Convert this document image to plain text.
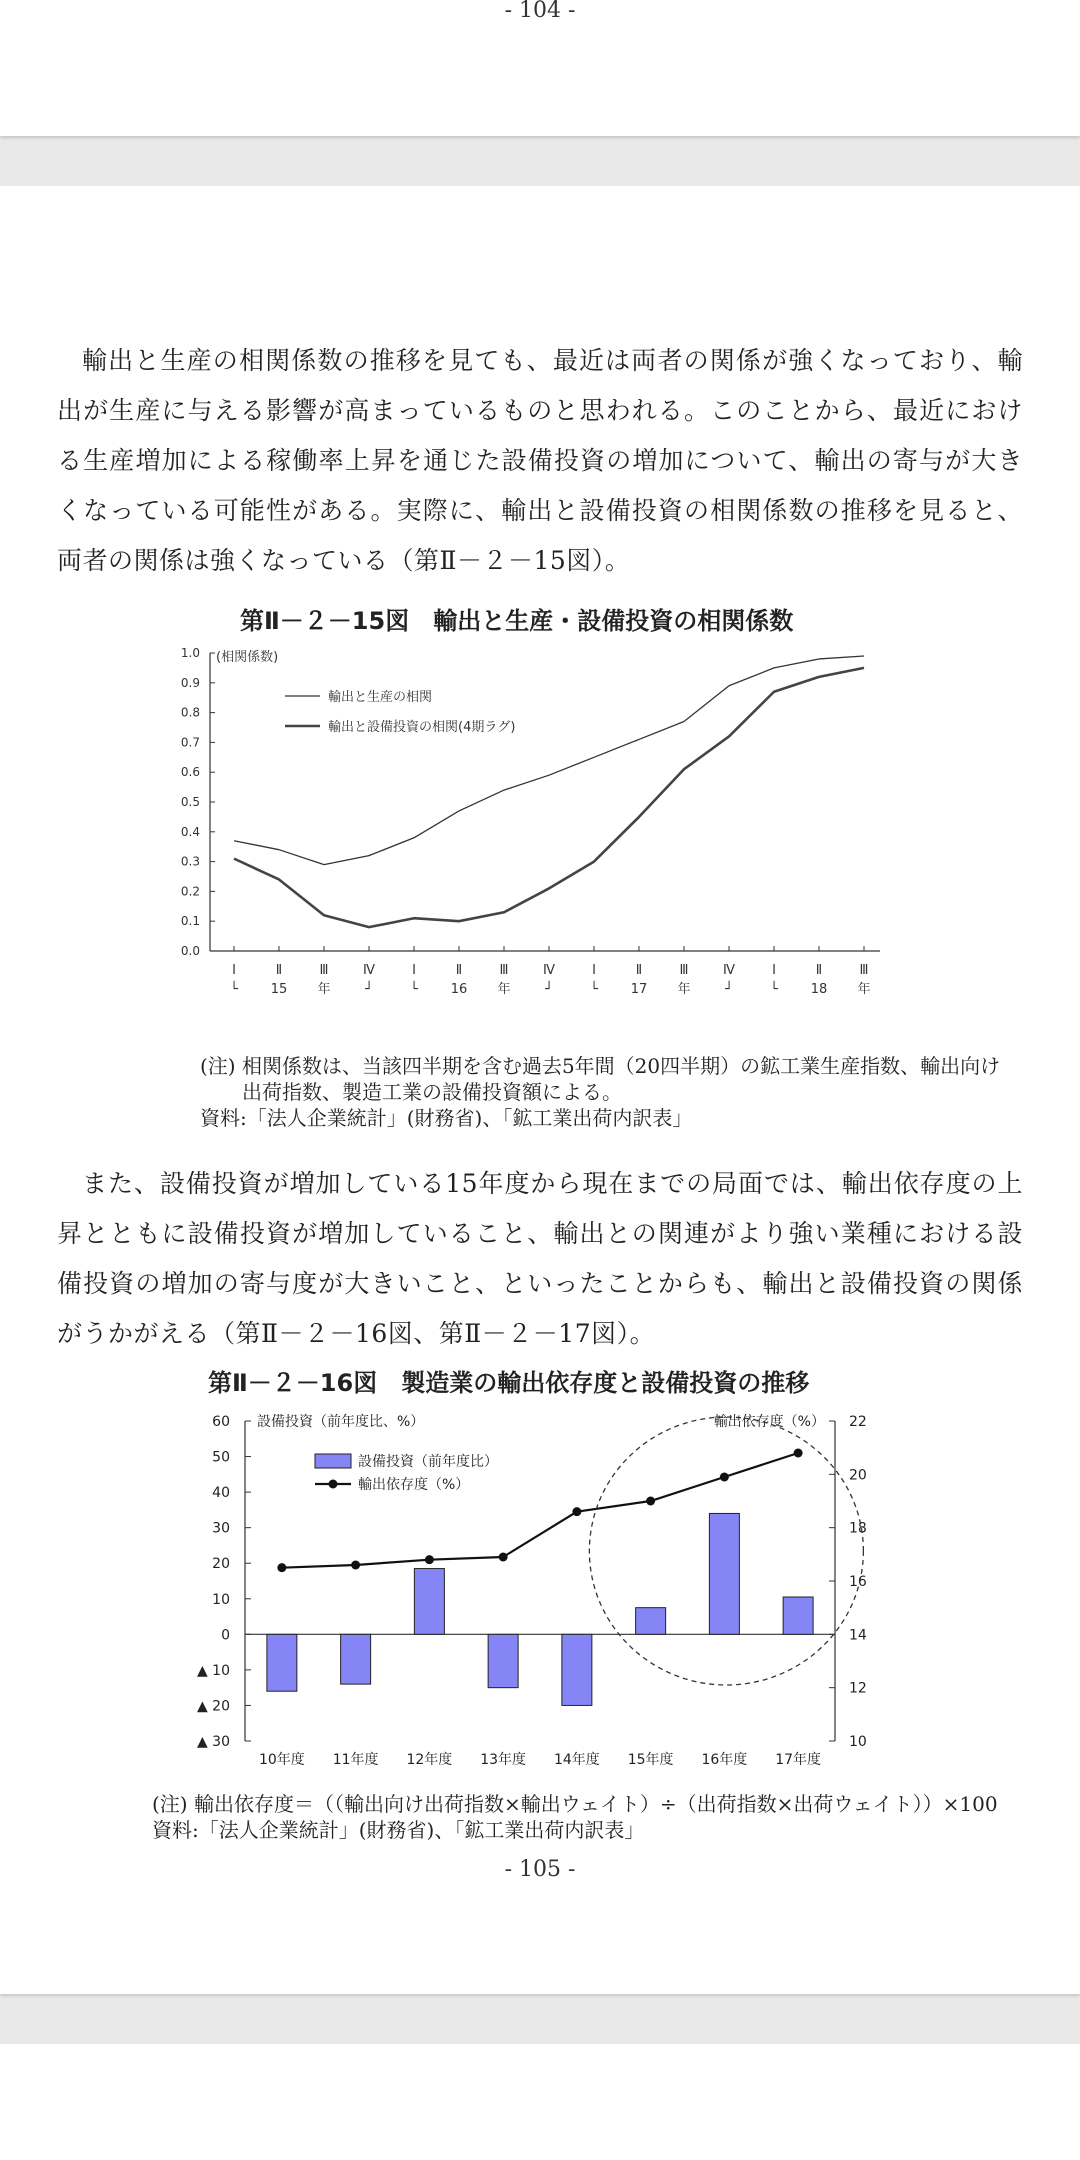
- 104 -

輸出と生産の相関係数の推移を見ても、最近は両者の関係が強くなっており、輸出が生産に与える影響が高まっているものと思われる。このことから、最近における生産増加による稼働率上昇を通じた設備投資の増加について、輸出の寄与が大きくなっている可能性がある。実際に、輸出と設備投資の相関係数の推移を見ると、両者の関係は強くなっている（第Ⅱ－２－15図）。

第Ⅱ－２－15図　輸出と生産・設備投資の相関係数
0.0
0.1
0.2
0.3
0.4
0.5
0.6
0.7
0.8
0.9
1.0 (相関係数)
Ⅰ
└
Ⅱ
15
Ⅲ
年
Ⅳ
┘
Ⅰ
└
Ⅱ
16
Ⅲ
年
Ⅳ
┘
Ⅰ
└
Ⅱ
17
Ⅲ
年
Ⅳ
┘
Ⅰ
└
Ⅱ
18
Ⅲ
年
輸出と生産の相関
輸出と設備投資の相関(4期ラグ)
(注) 相関係数は、当該四半期を含む過去5年間（20四半期）の鉱工業生産指数、輸出向け
出荷指数、製造工業の設備投資額による。
資料:「法人企業統計」(財務省)、「鉱工業出荷内訳表」

また、設備投資が増加している15年度から現在までの局面では、輸出依存度の上昇とともに設備投資が増加していること、輸出との関連がより強い業種における設備投資の増加の寄与度が大きいこと、といったことからも、輸出と設備投資の関係がうかがえる（第Ⅱ－２－16図、第Ⅱ－２－17図）。

第Ⅱ－２－16図　製造業の輸出依存度と設備投資の推移
60
50
40
30
20
10
0
▲ 10
▲ 20
▲ 30
22
20
18
16
14
12
10
設備投資（前年度比、%）	輸出依存度（%）
10年度 11年度 12年度 13年度 14年度 15年度 16年度 17年度
設備投資（前年度比）
輸出依存度（%）
(注) 輸出依存度＝（（輸出向け出荷指数×輸出ウェイト）÷（出荷指数×出荷ウェイト））×100
資料:「法人企業統計」(財務省)、「鉱工業出荷内訳表」
- 105 -
